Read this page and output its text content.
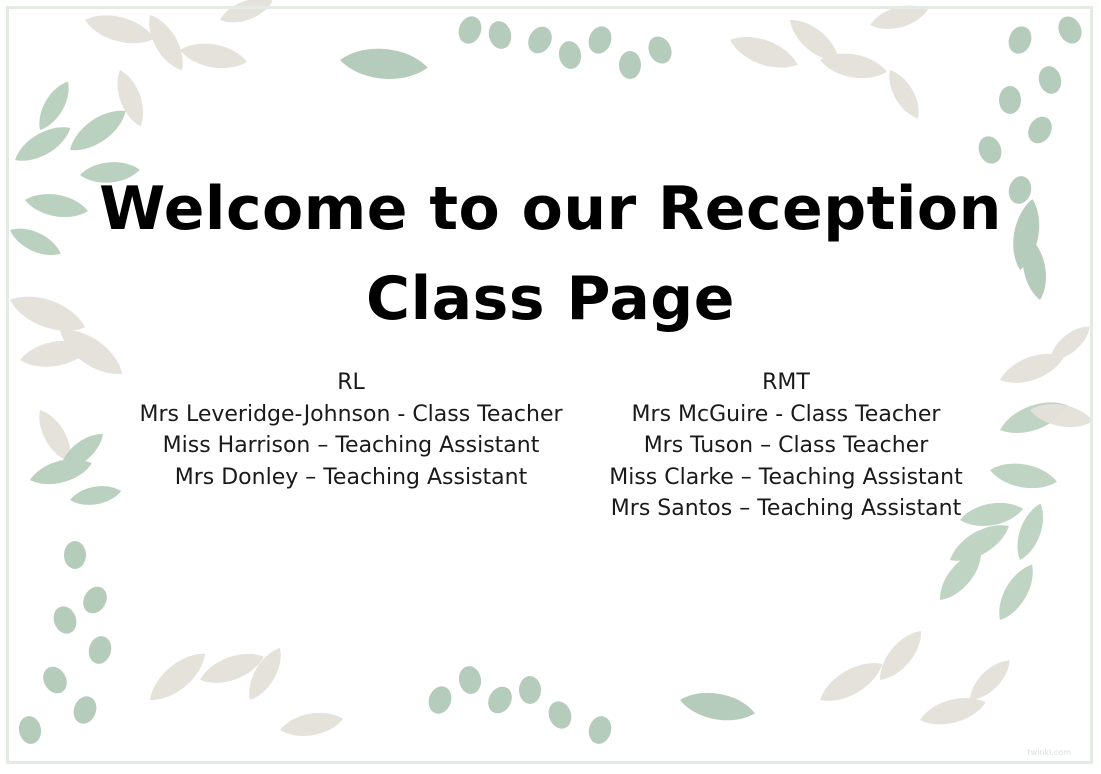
Welcome to our Reception
Class Page
RL
Mrs Leveridge-Johnson - Class Teacher
Miss Harrison – Teaching Assistant
Mrs Donley – Teaching Assistant
RMT
Mrs McGuire - Class Teacher
Mrs Tuson – Class Teacher
Miss Clarke – Teaching Assistant
Mrs Santos – Teaching Assistant
twinkl.com
